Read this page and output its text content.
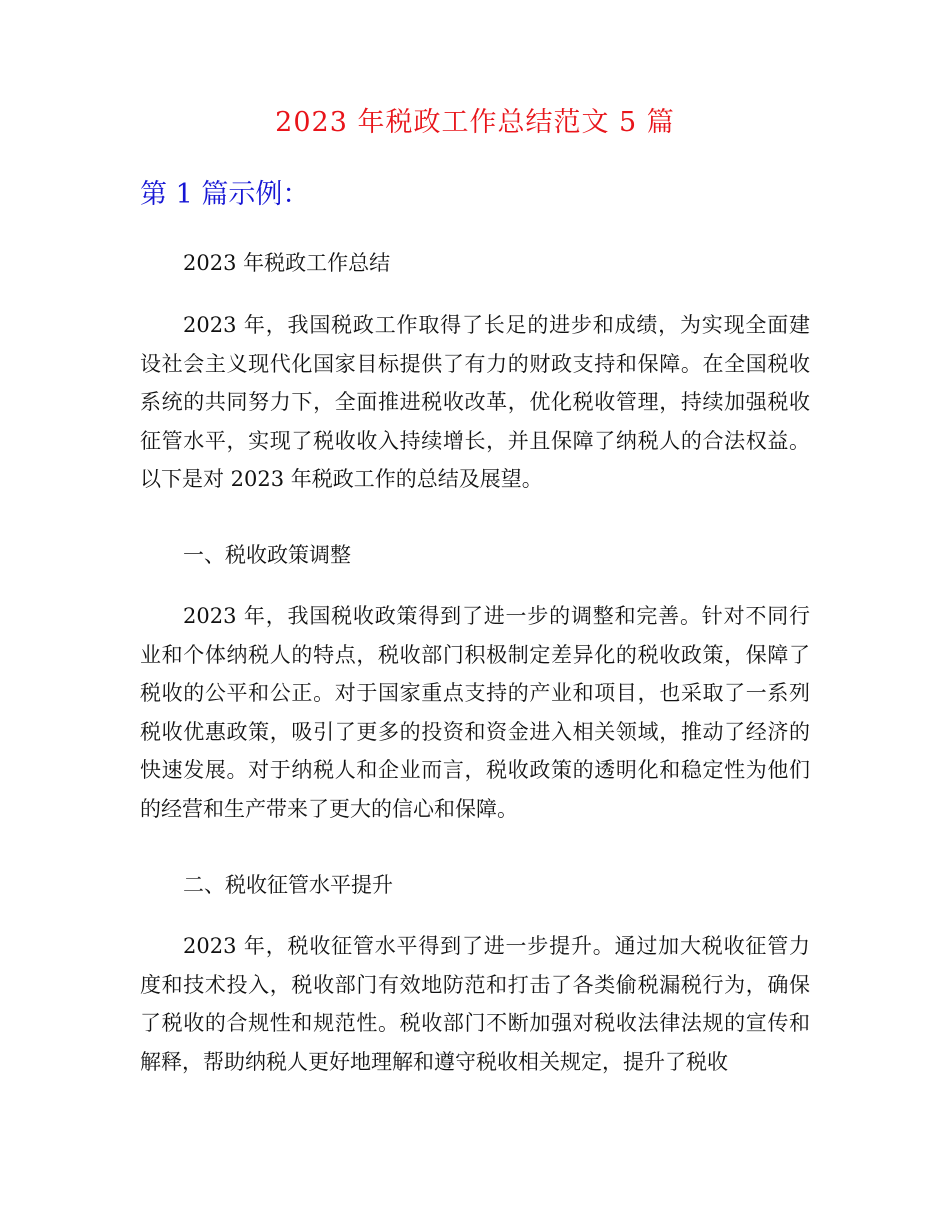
2023 年税政工作总结范文 5 篇
第 1 篇示例：
2023 年税政工作总结
2023 年，我国税政工作取得了长足的进步和成绩，为实现全面建设社会主义现代化国家目标提供了有力的财政支持和保障。在全国税收系统的共同努力下，全面推进税收改革，优化税收管理，持续加强税收征管水平，实现了税收收入持续增长，并且保障了纳税人的合法权益。以下是对 2023 年税政工作的总结及展望。
一、税收政策调整
2023 年，我国税收政策得到了进一步的调整和完善。针对不同行业和个体纳税人的特点，税收部门积极制定差异化的税收政策，保障了税收的公平和公正。对于国家重点支持的产业和项目，也采取了一系列税收优惠政策，吸引了更多的投资和资金进入相关领域，推动了经济的快速发展。对于纳税人和企业而言，税收政策的透明化和稳定性为他们的经营和生产带来了更大的信心和保障。
二、税收征管水平提升
2023 年，税收征管水平得到了进一步提升。通过加大税收征管力度和技术投入，税收部门有效地防范和打击了各类偷税漏税行为，确保了税收的合规性和规范性。税收部门不断加强对税收法律法规的宣传和解释，帮助纳税人更好地理解和遵守税收相关规定，提升了税收
